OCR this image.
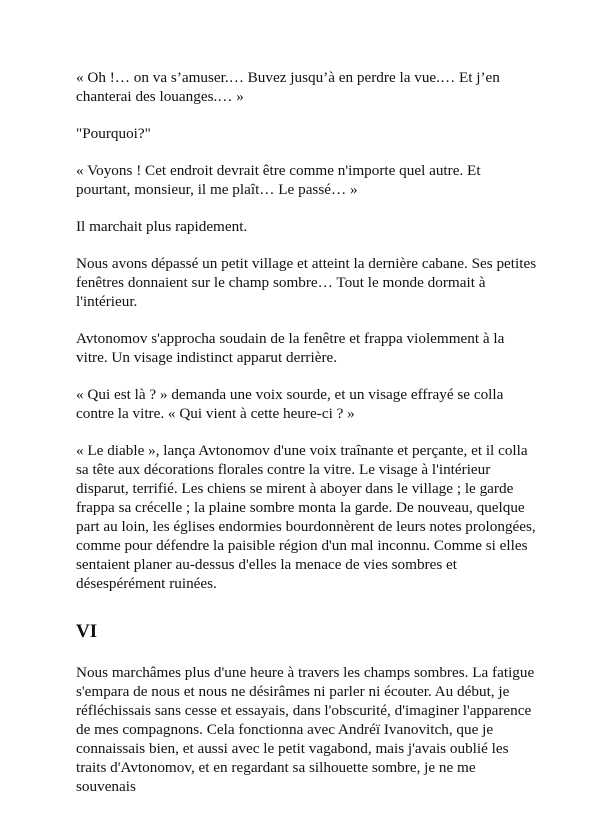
« Oh !… on va s’amuser.… Buvez jusqu’à en perdre la vue.… Et j’en chanterai des louanges.… »

"Pourquoi?"

« Voyons ! Cet endroit devrait être comme n'importe quel autre. Et pourtant, monsieur, il me plaît… Le passé… »

Il marchait plus rapidement.

Nous avons dépassé un petit village et atteint la dernière cabane. Ses petites fenêtres donnaient sur le champ sombre… Tout le monde dormait à l'intérieur.

Avtonomov s'approcha soudain de la fenêtre et frappa violemment à la vitre. Un visage indistinct apparut derrière.

« Qui est là ? » demanda une voix sourde, et un visage effrayé se colla contre la vitre. « Qui vient à cette heure-ci ? »

« Le diable », lança Avtonomov d'une voix traînante et perçante, et il colla sa tête aux décorations florales contre la vitre. Le visage à l'intérieur disparut, terrifié. Les chiens se mirent à aboyer dans le village ; le garde frappa sa crécelle ; la plaine sombre monta la garde. De nouveau, quelque part au loin, les églises endormies bourdonnèrent de leurs notes prolongées, comme pour défendre la paisible région d'un mal inconnu. Comme si elles sentaient planer au-dessus d'elles la menace de vies sombres et désespérément ruinées.

VI

Nous marchâmes plus d'une heure à travers les champs sombres. La fatigue s'empara de nous et nous ne désirâmes ni parler ni écouter. Au début, je réfléchissais sans cesse et essayais, dans l'obscurité, d'imaginer l'apparence de mes compagnons. Cela fonctionna avec Andréï Ivanovitch, que je connaissais bien, et aussi avec le petit vagabond, mais j'avais oublié les traits d'Avtonomov, et en regardant sa silhouette sombre, je ne me souvenais
